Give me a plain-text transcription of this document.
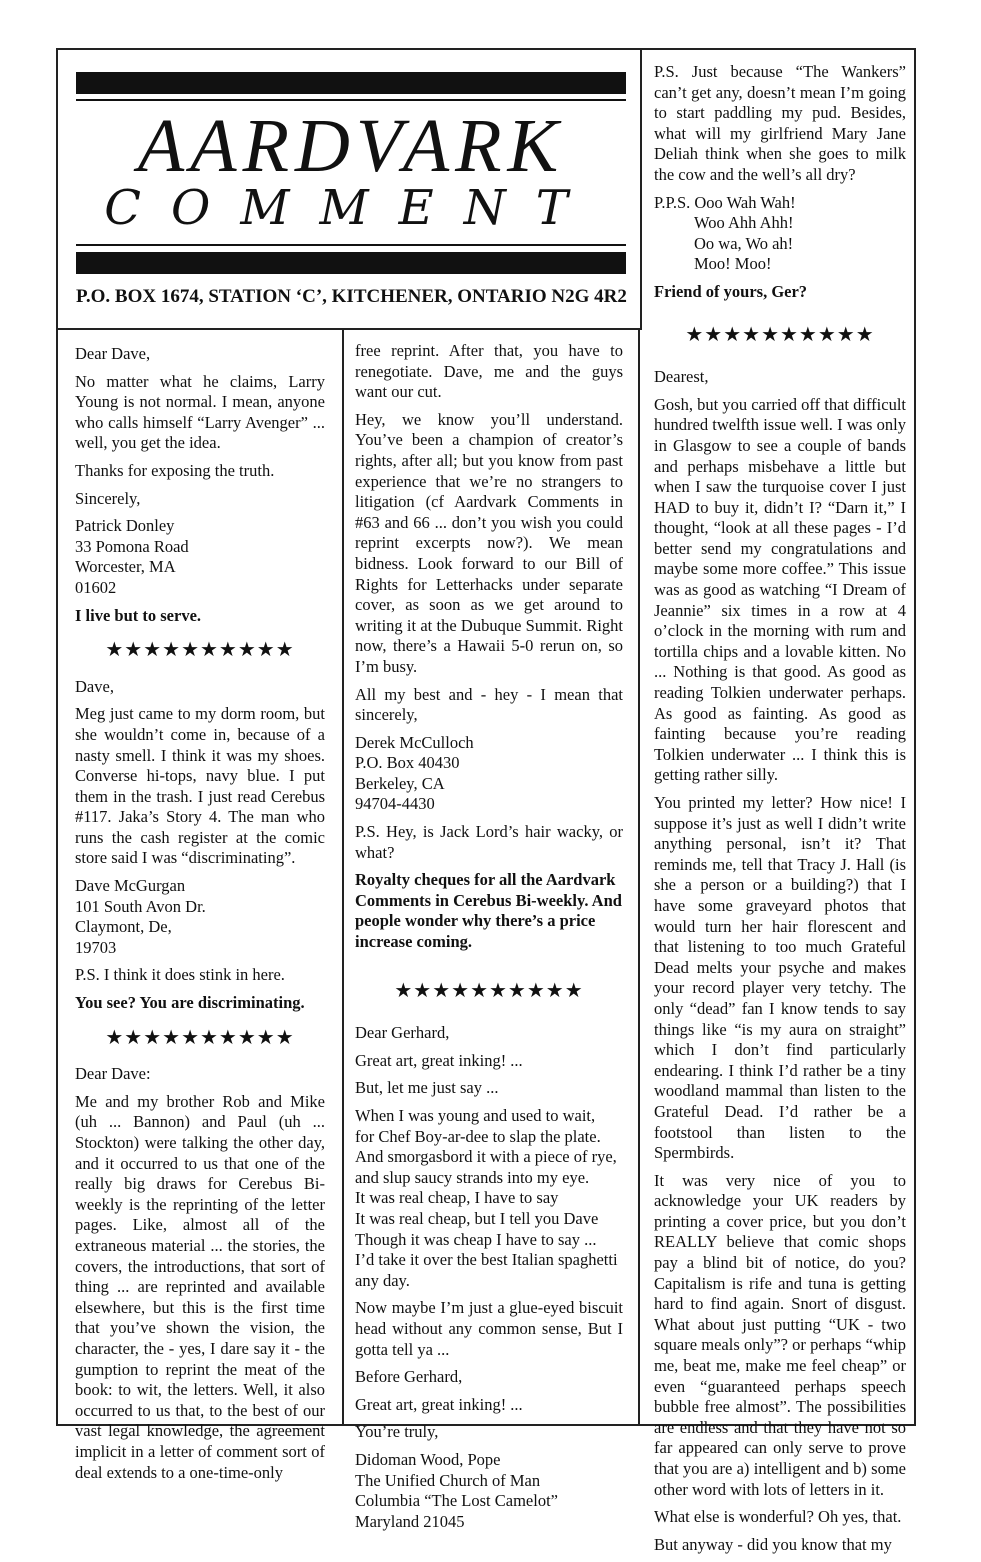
AARDVARK
COMMENT
P.O. BOX 1674, STATION ‘C’, KITCHENER, ONTARIO N2G 4R2

Dear Dave,

No matter what he claims, Larry Young is not normal. I mean, anyone who calls himself “Larry Avenger” ... well, you get the idea.

Thanks for exposing the truth.

Sincerely,

Patrick Donley

33 Pomona Road

Worcester, MA

01602

I live but to serve.

★★★★★★★★★★

Dave,

Meg just came to my dorm room, but she wouldn’t come in, because of a nasty smell. I think it was my shoes. Converse hi-tops, navy blue. I put them in the trash. I just read Cerebus #117. Jaka’s Story 4. The man who runs the cash register at the comic store said I was “discriminating”.

Dave McGurgan

101 South Avon Dr.

Claymont, De,

19703

P.S. I think it does stink in here.

You see? You are discriminating.

★★★★★★★★★★

Dear Dave:

Me and my brother Rob and Mike (uh ... Bannon) and Paul (uh ... Stockton) were talking the other day, and it occurred to us that one of the really big draws for Cerebus Bi-weekly is the reprinting of the letter pages. Like, almost all of the extraneous material ... the stories, the covers, the introductions, that sort of thing ... are reprinted and available elsewhere, but this is the first time that you’ve shown the vision, the character, the - yes, I dare say it - the gumption to reprint the meat of the book: to wit, the letters. Well, it also occurred to us that, to the best of our vast legal knowledge, the agreement implicit in a letter of comment sort of deal extends to a one-time-only

free reprint. After that, you have to renegotiate. Dave, me and the guys want our cut.

Hey, we know you’ll understand. You’ve been a champion of creator’s rights, after all; but you know from past experience that we’re no strangers to litigation (cf Aardvark Comments in #63 and 66 ... don’t you wish you could reprint excerpts now?). We mean bidness. Look forward to our Bill of Rights for Letterhacks under separate cover, as soon as we get around to writing it at the Dubuque Summit. Right now, there’s a Hawaii 5-0 rerun on, so I’m busy.

All my best and - hey - I mean that sincerely,

Derek McCulloch

P.O. Box 40430

Berkeley, CA

94704-4430

P.S. Hey, is Jack Lord’s hair wacky, or what?

Royalty cheques for all the Aardvark Comments in Cerebus Bi-weekly. And people wonder why there’s a price increase coming.

★★★★★★★★★★

Dear Gerhard,

Great art, great inking! ...

But, let me just say ...

When I was young and used to wait,

for Chef Boy-ar-dee to slap the plate.

And smorgasbord it with a piece of rye,

and slup saucy strands into my eye.

It was real cheap, I have to say

It was real cheap, but I tell you Dave

Though it was cheap I have to say ...

I’d take it over the best Italian spaghetti any day.

Now maybe I’m just a glue-eyed biscuit head without any common sense, But I gotta tell ya ...

Before Gerhard,

Great art, great inking! ...

You’re truly,

Didoman Wood, Pope

The Unified Church of Man

Columbia “The Lost Camelot”

Maryland 21045

P.S. Just because “The Wankers” can’t get any, doesn’t mean I’m going to start paddling my pud. Besides, what will my girlfriend Mary Jane Deliah think when she goes to milk the cow and the well’s all dry?

P.P.S. Ooo Wah Wah!

Woo Ahh Ahh!

Oo wa, Wo ah!

Moo! Moo!

Friend of yours, Ger?

★★★★★★★★★★

Dearest,

Gosh, but you carried off that difficult hundred twelfth issue well. I was only in Glasgow to see a couple of bands and perhaps misbehave a little but when I saw the turquoise cover I just HAD to buy it, didn’t I? “Darn it,” I thought, “look at all these pages - I’d better send my congratulations and maybe some more coffee.” This issue was as good as watching “I Dream of Jeannie” six times in a row at 4 o’clock in the morning with rum and tortilla chips and a lovable kitten. No ... Nothing is that good. As good as reading Tolkien underwater perhaps. As good as fainting. As good as fainting because you’re reading Tolkien underwater ... I think this is getting rather silly.

You printed my letter? How nice! I suppose it’s just as well I didn’t write anything personal, isn’t it? That reminds me, tell that Tracy J. Hall (is she a person or a building?) that I have some graveyard photos that would turn her hair florescent and that listening to too much Grateful Dead melts your psyche and makes your record player very tetchy. The only “dead” fan I know tends to say things like “is my aura on straight” which I don’t find particularly endearing. I think I’d rather be a tiny woodland mammal than listen to the Grateful Dead. I’d rather be a footstool than listen to the Spermbirds.

It was very nice of you to acknowledge your UK readers by printing a cover price, but you don’t REALLY believe that comic shops pay a blind bit of notice, do you? Capitalism is rife and tuna is getting hard to find again. Snort of disgust. What about just putting “UK - two square meals only”? or perhaps “whip me, beat me, make me feel cheap” or even “guaranteed perhaps speech bubble free almost”. The possibilities are endless and that they have not so far appeared can only serve to prove that you are a) intelligent and b) some other word with lots of letters in it.

What else is wonderful? Oh yes, that.

But anyway - did you know that my
